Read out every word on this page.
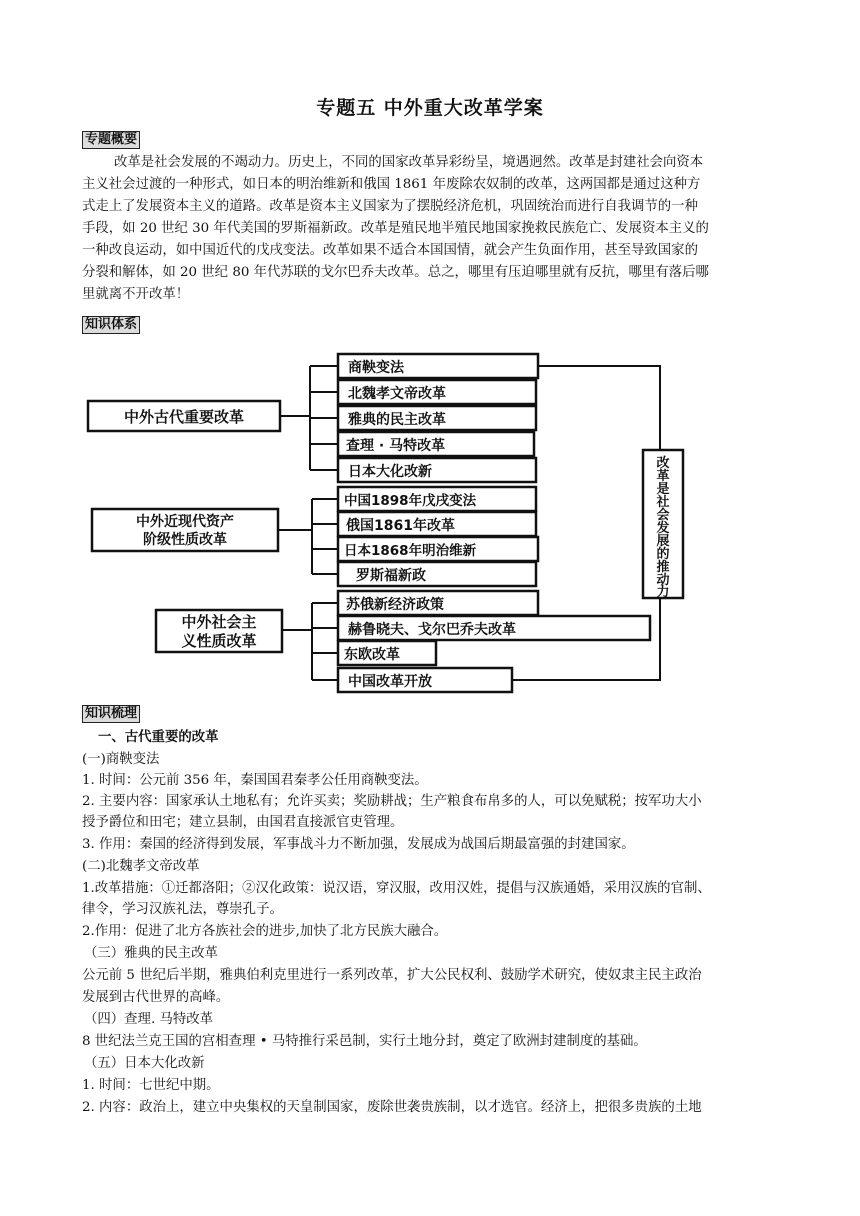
专题五 中外重大改革学案
专题概要
改革是社会发展的不竭动力。历史上，不同的国家改革异彩纷呈，境遇迥然。改革是封建社会向资本
主义社会过渡的一种形式，如日本的明治维新和俄国 1861 年废除农奴制的改革，这两国都是通过这种方
式走上了发展资本主义的道路。改革是资本主义国家为了摆脱经济危机，巩固统治而进行自我调节的一种
手段，如 20 世纪 30 年代美国的罗斯福新政。改革是殖民地半殖民地国家挽救民族危亡、发展资本主义的
一种改良运动，如中国近代的戊戌变法。改革如果不适合本国国情，就会产生负面作用，甚至导致国家的
分裂和解体，如 20 世纪 80 年代苏联的戈尔巴乔夫改革。总之，哪里有压迫哪里就有反抗，哪里有落后哪
里就离不开改革！
知识体系
中外古代重要改革
中外近现代资产
阶级性质改革
中外社会主
义性质改革
商鞅变法
北魏孝文帝改革
雅典的民主改革
查理 · 马特改革
日本大化改新
中国1898年戊戌变法
俄国1861年改革
日本1868年明治维新
罗斯福新政
苏俄新经济政策
赫鲁晓夫、戈尔巴乔夫改革
东欧改革
中国改革开放
改
革
是
社
会
发
展
的
推
动
力
知识梳理
一、古代重要的改革
(一)商鞅变法
1. 时间：公元前 356 年，秦国国君秦孝公任用商鞅变法。
2. 主要内容：国家承认土地私有；允许买卖；奖励耕战；生产粮食布帛多的人，可以免赋税；按军功大小
授予爵位和田宅；建立县制，由国君直接派官吏管理。
3. 作用：秦国的经济得到发展，军事战斗力不断加强，发展成为战国后期最富强的封建国家。
(二)北魏孝文帝改革
1.改革措施：①迁都洛阳；②汉化政策：说汉语，穿汉服，改用汉姓，提倡与汉族通婚，采用汉族的官制、
律令，学习汉族礼法，尊崇孔子。
2.作用：促进了北方各族社会的进步,加快了北方民族大融合。
（三）雅典的民主改革
公元前 5 世纪后半期，雅典伯利克里进行一系列改革，扩大公民权利、鼓励学术研究，使奴隶主民主政治
发展到古代世界的高峰。
（四）查理. 马特改革
8 世纪法兰克王国的宫相查理 • 马特推行采邑制，实行土地分封，奠定了欧洲封建制度的基础。
（五）日本大化改新
1. 时间：七世纪中期。
2. 内容：政治上，建立中央集权的天皇制国家，废除世袭贵族制，以才选官。经济上，把很多贵族的土地
